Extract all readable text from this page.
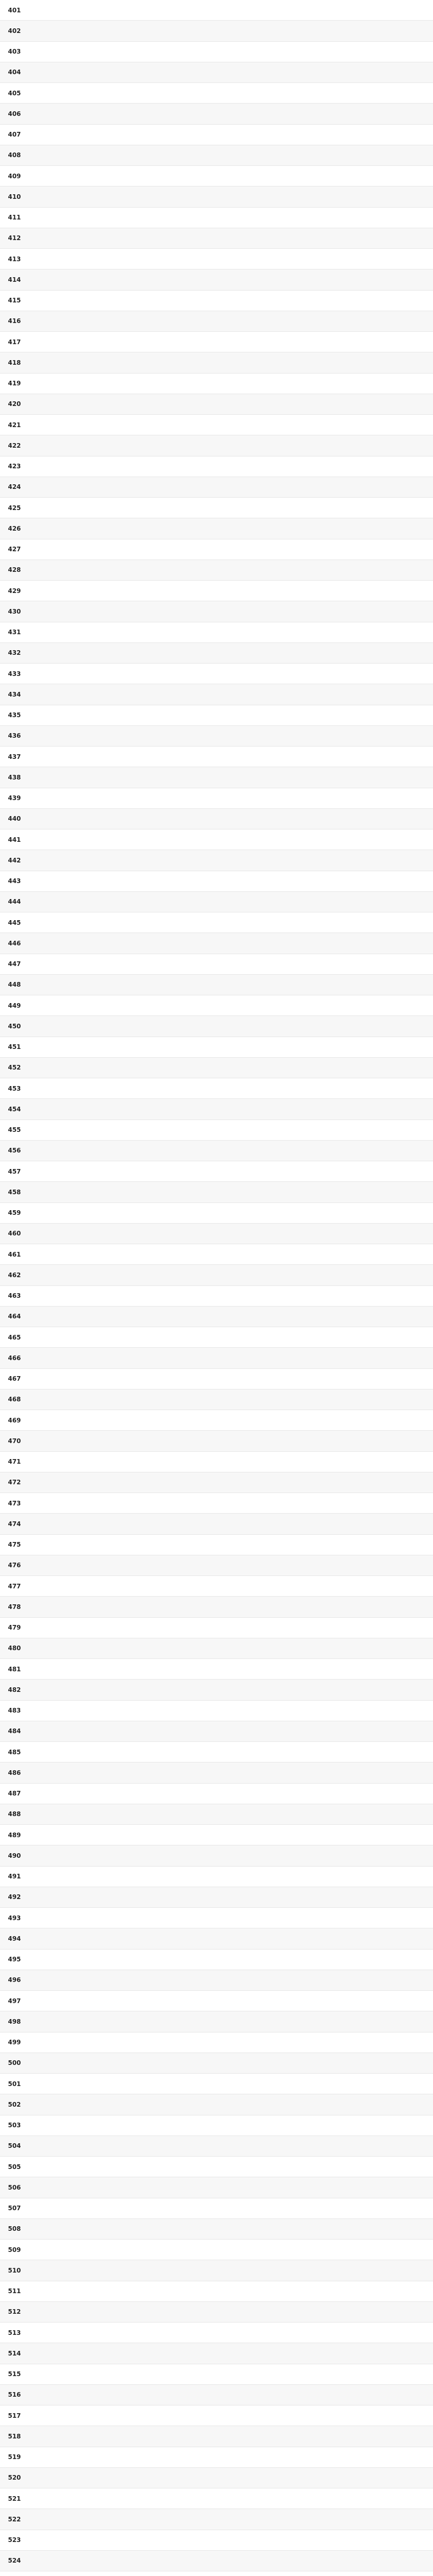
401
402
403
404
405
406
407
408
409
410
411
412
413
414
415
416
417
418
419
420
421
422
423
424
425
426
427
428
429
430
431
432
433
434
435
436
437
438
439
440
441
442
443
444
445
446
447
448
449
450
451
452
453
454
455
456
457
458
459
460
461
462
463
464
465
466
467
468
469
470
471
472
473
474
475
476
477
478
479
480
481
482
483
484
485
486
487
488
489
490
491
492
493
494
495
496
497
498
499
500
501
502
503
504
505
506
507
508
509
510
511
512
513
514
515
516
517
518
519
520
521
522
523
524
